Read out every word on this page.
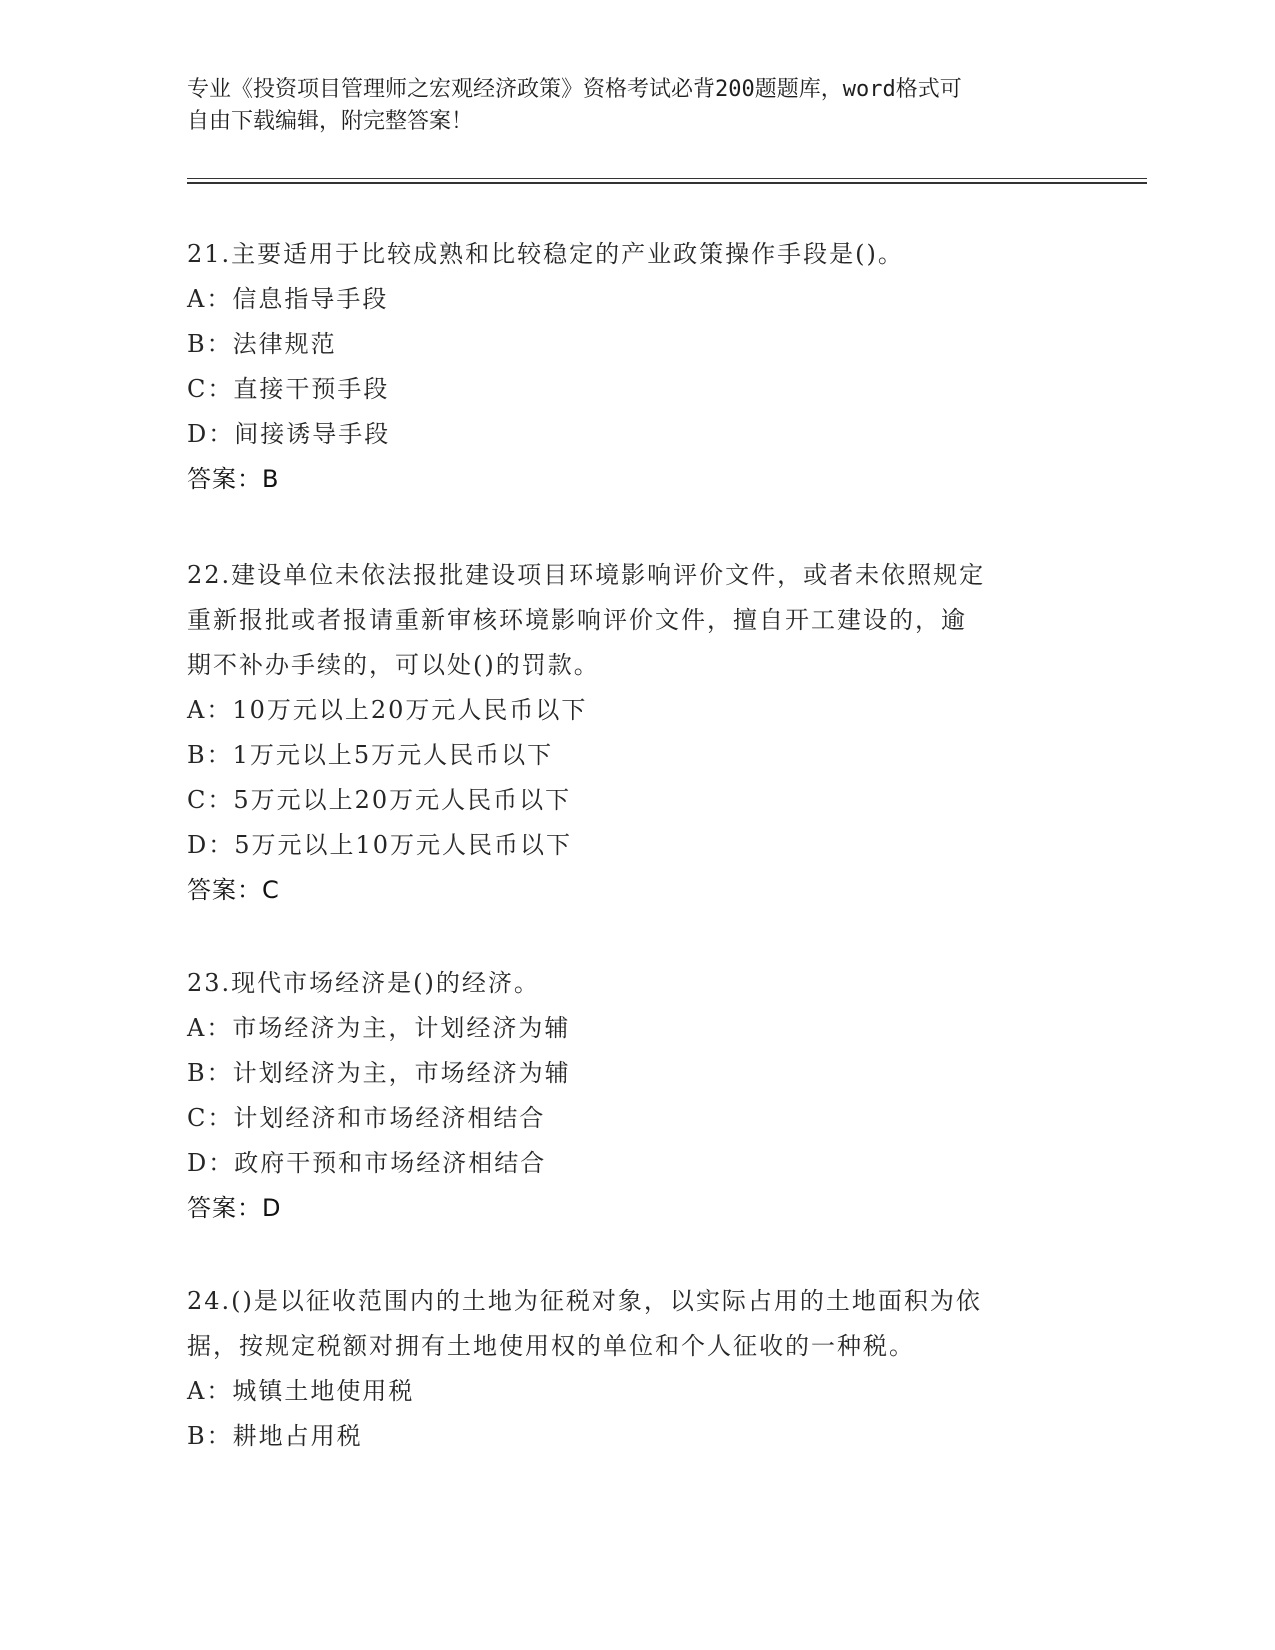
专业《投资项目管理师之宏观经济政策》资格考试必背200题题库，word格式可
自由下载编辑，附完整答案！
21.主要适用于比较成熟和比较稳定的产业政策操作手段是()。
A：信息指导手段
B：法律规范
C：直接干预手段
D：间接诱导手段
答案：B
22.建设单位未依法报批建设项目环境影响评价文件，或者未依照规定
重新报批或者报请重新审核环境影响评价文件，擅自开工建设的，逾
期不补办手续的，可以处()的罚款。
A：10万元以上20万元人民币以下
B：1万元以上5万元人民币以下
C：5万元以上20万元人民币以下
D：5万元以上10万元人民币以下
答案：C
23.现代市场经济是()的经济。
A：市场经济为主，计划经济为辅
B：计划经济为主，市场经济为辅
C：计划经济和市场经济相结合
D：政府干预和市场经济相结合
答案：D
24.()是以征收范围内的土地为征税对象，以实际占用的土地面积为依
据，按规定税额对拥有土地使用权的单位和个人征收的一种税。
A：城镇土地使用税
B：耕地占用税
